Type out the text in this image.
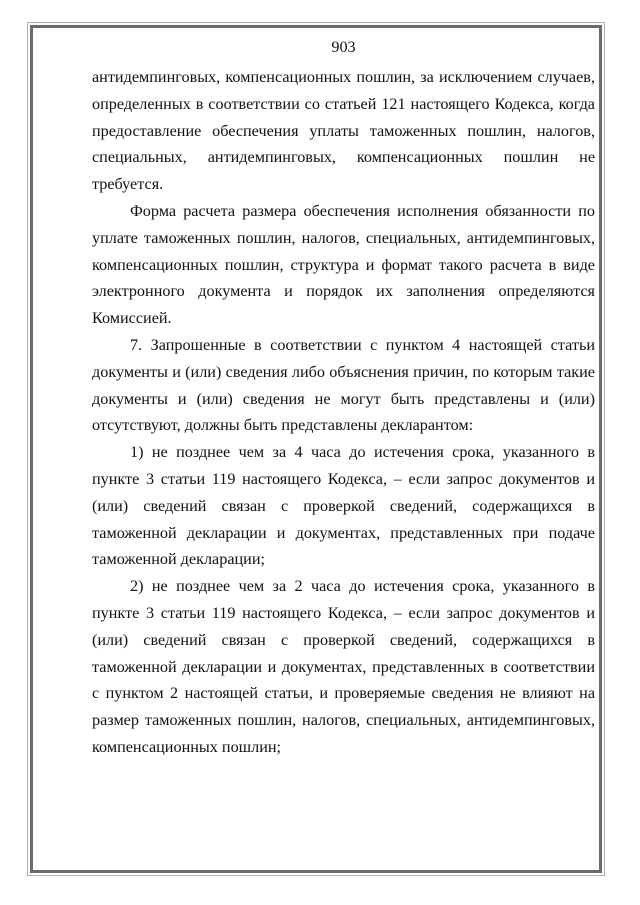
903

антидемпинговых, компенсационных пошлин, за исключением случаев, определенных в соответствии со статьей 121 настоящего Кодекса, когда предоставление обеспечения уплаты таможенных пошлин, налогов, специальных, антидемпинговых, компенсационных пошлин не требуется.

Форма расчета размера обеспечения исполнения обязанности по уплате таможенных пошлин, налогов, специальных, антидемпинговых, компенсационных пошлин, структура и формат такого расчета в виде электронного документа и порядок их заполнения определяются Комиссией.

7. Запрошенные в соответствии с пунктом 4 настоящей статьи документы и (или) сведения либо объяснения причин, по которым такие документы и (или) сведения не могут быть представлены и (или) отсутствуют, должны быть представлены декларантом:

1) не позднее чем за 4 часа до истечения срока, указанного в пункте 3 статьи 119 настоящего Кодекса, – если запрос документов и (или) сведений связан с проверкой сведений, содержащихся в таможенной декларации и документах, представленных при подаче таможенной декларации;

2) не позднее чем за 2 часа до истечения срока, указанного в пункте 3 статьи 119 настоящего Кодекса, – если запрос документов и (или) сведений связан с проверкой сведений, содержащихся в таможенной декларации и документах, представленных в соответствии с пунктом 2 настоящей статьи, и проверяемые сведения не влияют на размер таможенных пошлин, налогов, специальных, антидемпинговых, компенсационных пошлин;
